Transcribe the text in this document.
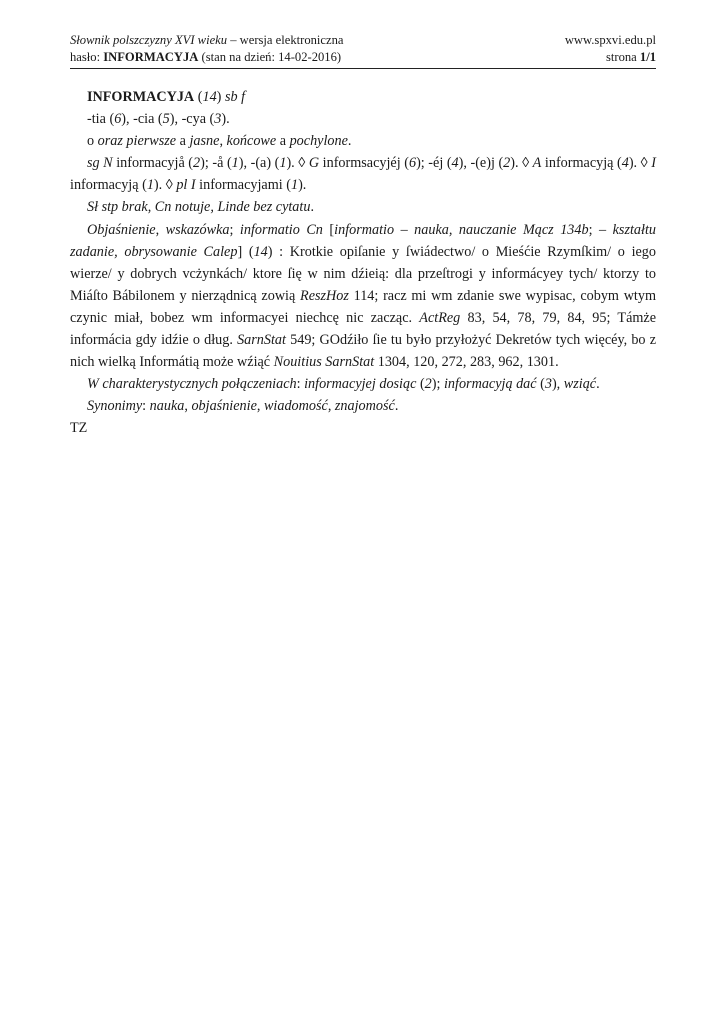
Słownik polszczyzny XVI wieku – wersja elektroniczna	www.spxvi.edu.pl
hasło: INFORMACYJA (stan na dzień: 14-02-2016)	strona 1/1

INFORMACYJA (14) sb f

-tia (6), -cia (5), -cya (3).

o oraz pierwsze a jasne, końcowe a pochylone.

sg N informacyjå (2); -å (1), -(a) (1). ◊ G informsacyjéj (6); -éj (4), -(e)j (2). ◊ A informacyją (4). ◊ I informacyją (1). ◊ pl I informacyjami (1).

Sł stp brak, Cn notuje, Linde bez cytatu.

Objaśnienie, wskazówka; informatio Cn [informatio – nauka, nauczanie Mącz 134b; – kształtu zadanie, obrysowanie Calep] (14) : Krotkie opiſanie y ſwiádectwo/ o Mieśćie Rzymſkim/ o iego wierze/ y dobrych vcżynkách/ ktore ſię w nim dźieią: dla przeſtrogi y informácyey tych/ ktorzy to Miáſto Bábilonem y nierządnicą zowią ReszHoz 114; racz mi wm zdanie swe wypisac, cobym wtym czynic miał, bobez wm informacyei niechcę nic zacząc. ActReg 83, 54, 78, 79, 84, 95; Támże informácia gdy idźie o dług. SarnStat 549; GOdźiło ſie tu było przyłożyć Dekretów tych więcéy, bo z nich wielką Informátią może wźiąć Nouitius SarnStat 1304, 120, 272, 283, 962, 1301.

W charakterystycznych połączeniach: informacyjej dosiąc (2); informacyją dać (3), wziąć.

Synonimy: nauka, objaśnienie, wiadomość, znajomość.

TZ
